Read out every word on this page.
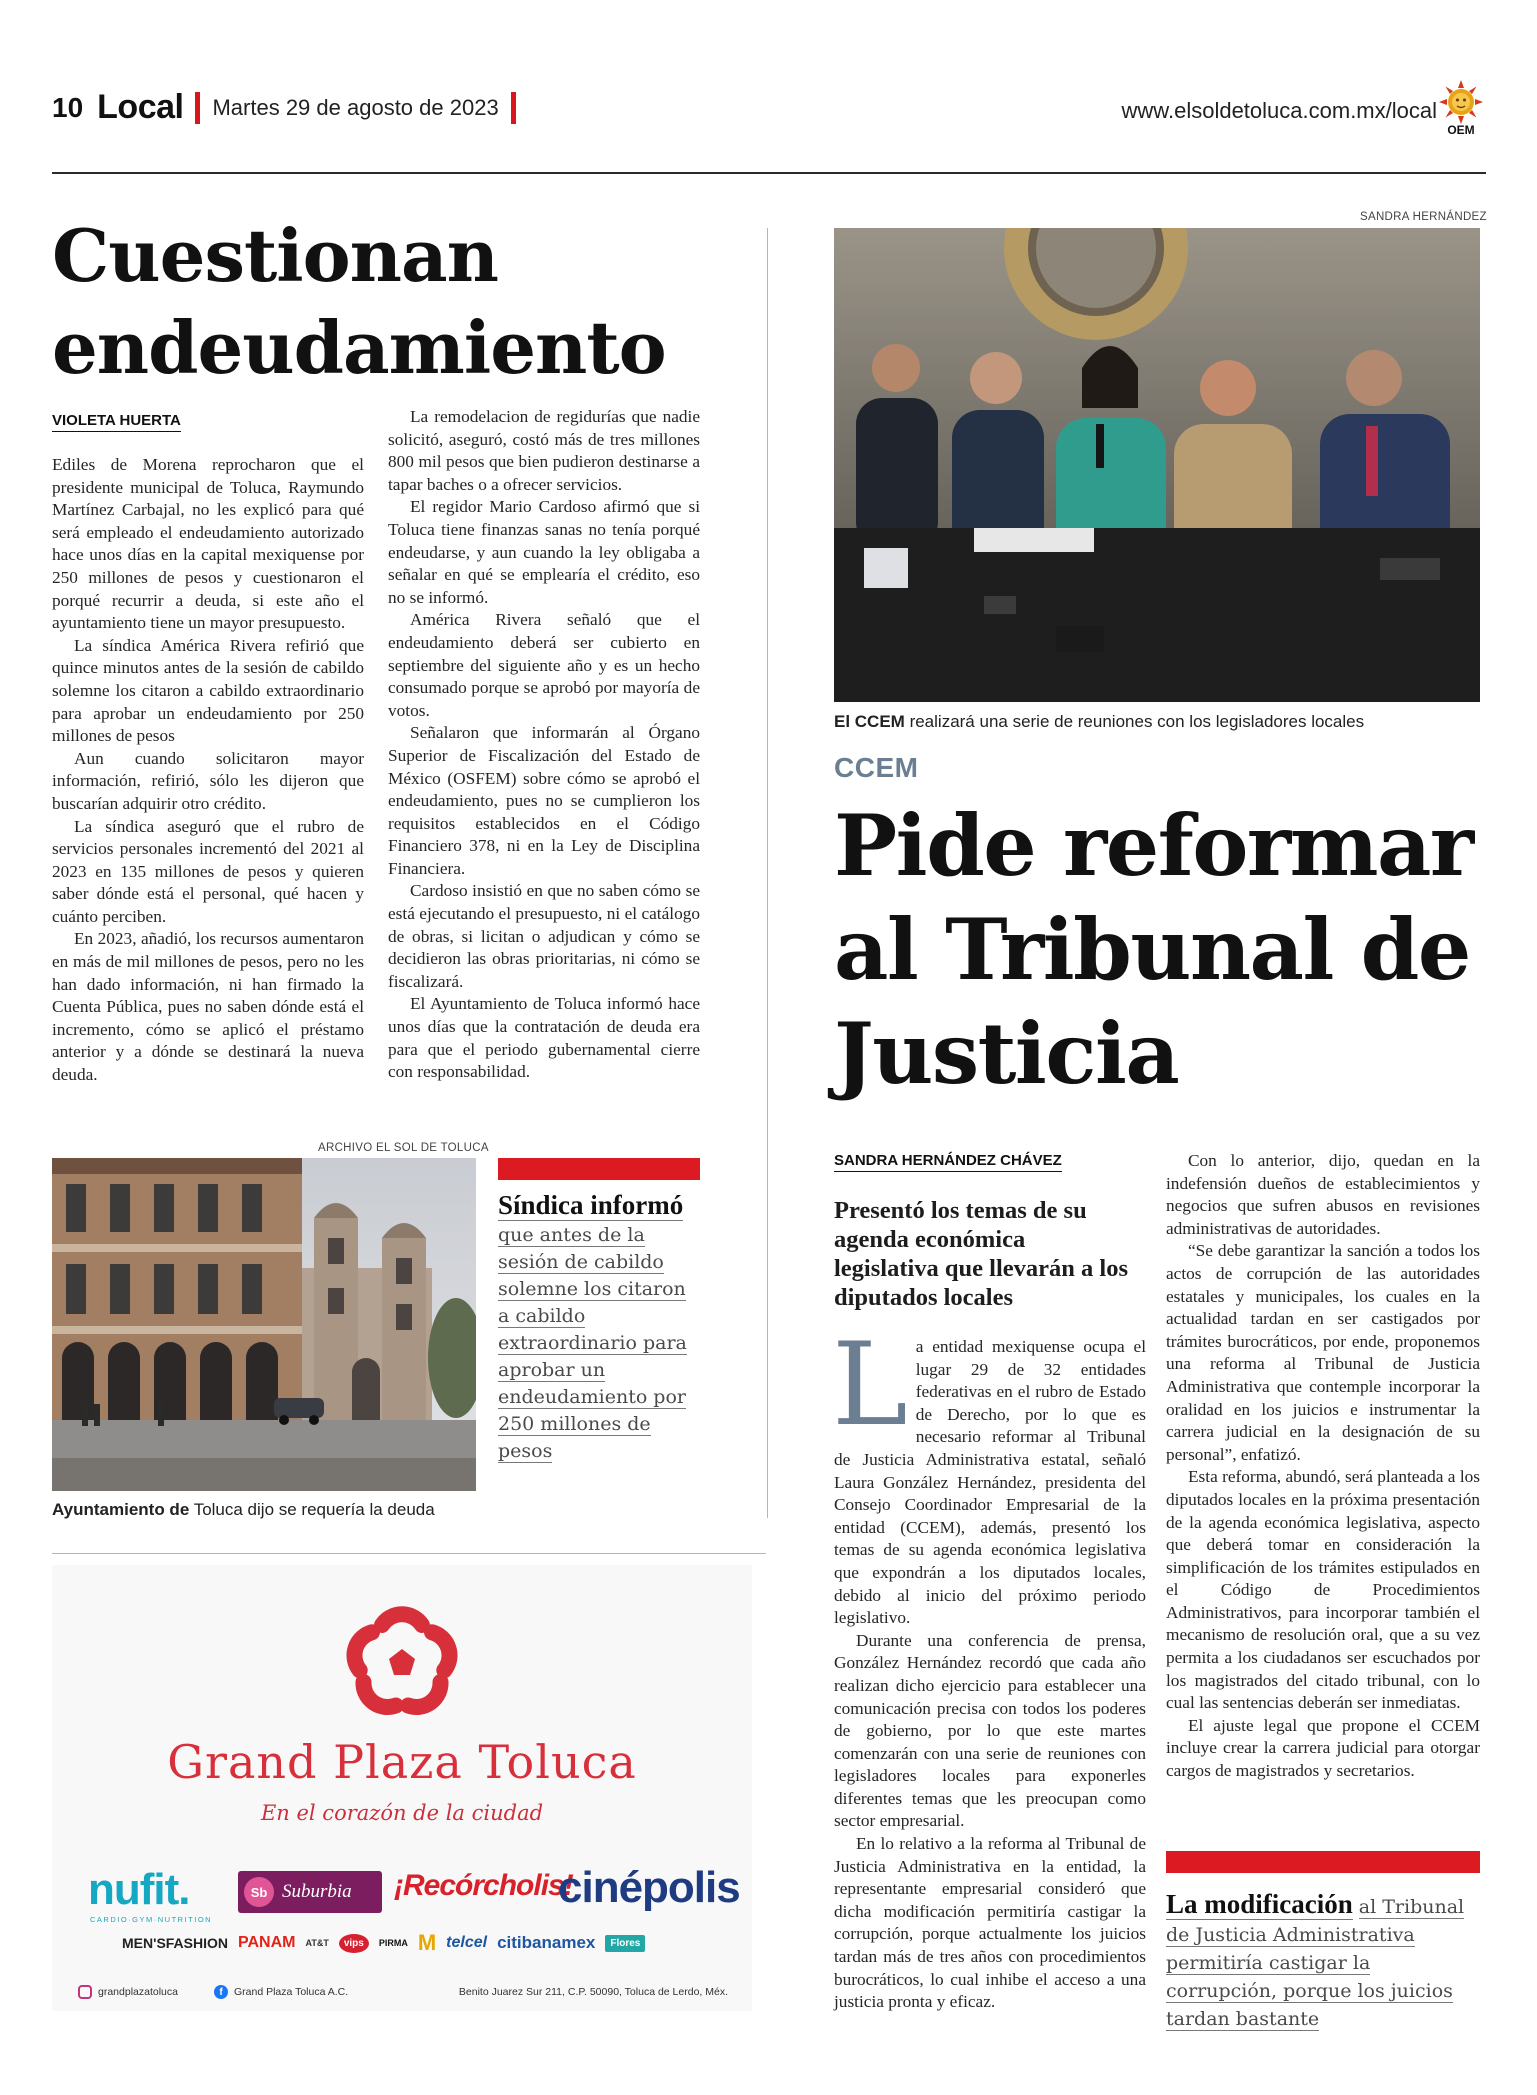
10 Local Martes 29 de agosto de 2023	www.elsoldetoluca.com.mx/local
OEM
Cuestionan endeudamiento
VIOLETA HUERTA

Ediles de Morena reprocharon que el presidente municipal de Toluca, Raymundo Martínez Carbajal, no les explicó para qué será empleado el endeudamiento autorizado hace unos días en la capital mexiquense por 250 millones de pesos y cuestionaron el porqué recurrir a deuda, si este año el ayuntamiento tiene un mayor presupuesto.

La síndica América Rivera refirió que quince minutos antes de la sesión de cabildo solemne los citaron a cabildo extraordinario para aprobar un endeudamiento por 250 millones de pesos

Aun cuando solicitaron mayor información, refirió, sólo les dijeron que buscarían adquirir otro crédito.

La síndica aseguró que el rubro de servicios personales incrementó del 2021 al 2023 en 135 millones de pesos y quieren saber dónde está el personal, qué hacen y cuánto perciben.

En 2023, añadió, los recursos aumentaron en más de mil millones de pesos, pero no les han dado información, ni han firmado la Cuenta Pública, pues no saben dónde está el incremento, cómo se aplicó el préstamo anterior y a dónde se destinará la nueva deuda.

La remodelacion de regidurías que nadie solicitó, aseguró, costó más de tres millones 800 mil pesos que bien pudieron destinarse a tapar baches o a ofrecer servicios.

El regidor Mario Cardoso afirmó que si Toluca tiene finanzas sanas no tenía porqué endeudarse, y aun cuando la ley obligaba a señalar en qué se emplearía el crédito, eso no se informó.

América Rivera señaló que el endeudamiento deberá ser cubierto en septiembre del siguiente año y es un hecho consumado porque se aprobó por mayoría de votos.

Señalaron que informarán al Órgano Superior de Fiscalización del Estado de México (OSFEM) sobre cómo se aprobó el endeudamiento, pues no se cumplieron los requisitos establecidos en el Código Financiero 378, ni en la Ley de Disciplina Financiera.

Cardoso insistió en que no saben cómo se está ejecutando el presupuesto, ni el catálogo de obras, si licitan o adjudican y cómo se decidieron las obras prioritarias, ni cómo se fiscalizará.

El Ayuntamiento de Toluca informó hace unos días que la contratación de deuda era para que el periodo gubernamental cierre con responsabilidad.

ARCHIVO EL SOL DE TOLUCA
Ayuntamiento de Toluca dijo se requería la deuda
Síndica informó que antes de la sesión de cabildo solemne los citaron a cabildo extraordinario para aprobar un endeudamiento por 250 millones de pesos
Grand Plaza Toluca
En el corazón de la ciudad
nufit.
CARDIO·GYM·NUTRITION
Sb Suburbia ¡Recórcholis!
cinépolis
MEN'SFASHION PANAM AT&T	vips	PIRMA M telcel citibanamex	Flores
grandplazatoluca	f	Grand Plaza Toluca A.C.	Benito Juarez Sur 211, C.P. 50090, Toluca de Lerdo, Méx.
SANDRA HERNÁNDEZ
El CCEM realizará una serie de reuniones con los legisladores locales
CCEM
Pide reformar al Tribunal de Justicia
SANDRA HERNÁNDEZ CHÁVEZ
Presentó los temas de su agenda económica legislativa que llevarán a los diputados locales

La entidad mexiquense ocupa el lugar 29 de 32 entidades federativas en el rubro de Estado de Derecho, por lo que es necesario reformar al Tribunal de Justicia Administrativa estatal, señaló Laura González Hernández, presidenta del Consejo Coordinador Empresarial de la entidad (CCEM), además, presentó los temas de su agenda económica legislativa que expondrán a los diputados locales, debido al inicio del próximo periodo legislativo.

Durante una conferencia de prensa, González Hernández recordó que cada año realizan dicho ejercicio para establecer una comunicación precisa con todos los poderes de gobierno, por lo que este martes comenzarán con una serie de reuniones con legisladores locales para exponerles diferentes temas que les preocupan como sector empresarial.

En lo relativo a la reforma al Tribunal de Justicia Administrativa en la entidad, la representante empresarial consideró que dicha modificación permitiría castigar la corrupción, porque actualmente los juicios tardan más de tres años con procedimientos burocráticos, lo cual inhibe el acceso a una justicia pronta y eficaz.

Con lo anterior, dijo, quedan en la indefensión dueños de establecimientos y negocios que sufren abusos en revisiones administrativas de autoridades.

“Se debe garantizar la sanción a todos los actos de corrupción de las autoridades estatales y municipales, los cuales en la actualidad tardan en ser castigados por trámites burocráticos, por ende, proponemos una reforma al Tribunal de Justicia Administrativa que contemple incorporar la oralidad en los juicios e instrumentar la carrera judicial en la designación de su personal”, enfatizó.

Esta reforma, abundó, será planteada a los diputados locales en la próxima presentación de la agenda económica legislativa, aspecto que deberá tomar en consideración la simplificación de los trámites estipulados en el Código de Procedimientos Administrativos, para incorporar también el mecanismo de resolución oral, que a su vez permita a los ciudadanos ser escuchados por los magistrados del citado tribunal, con lo cual las sentencias deberán ser inmediatas.

El ajuste legal que propone el CCEM incluye crear la carrera judicial para otorgar cargos de magistrados y secretarios.

La modificación al Tribunal de Justicia Administrativa permitiría castigar la corrupción, porque los juicios tardan bastante
